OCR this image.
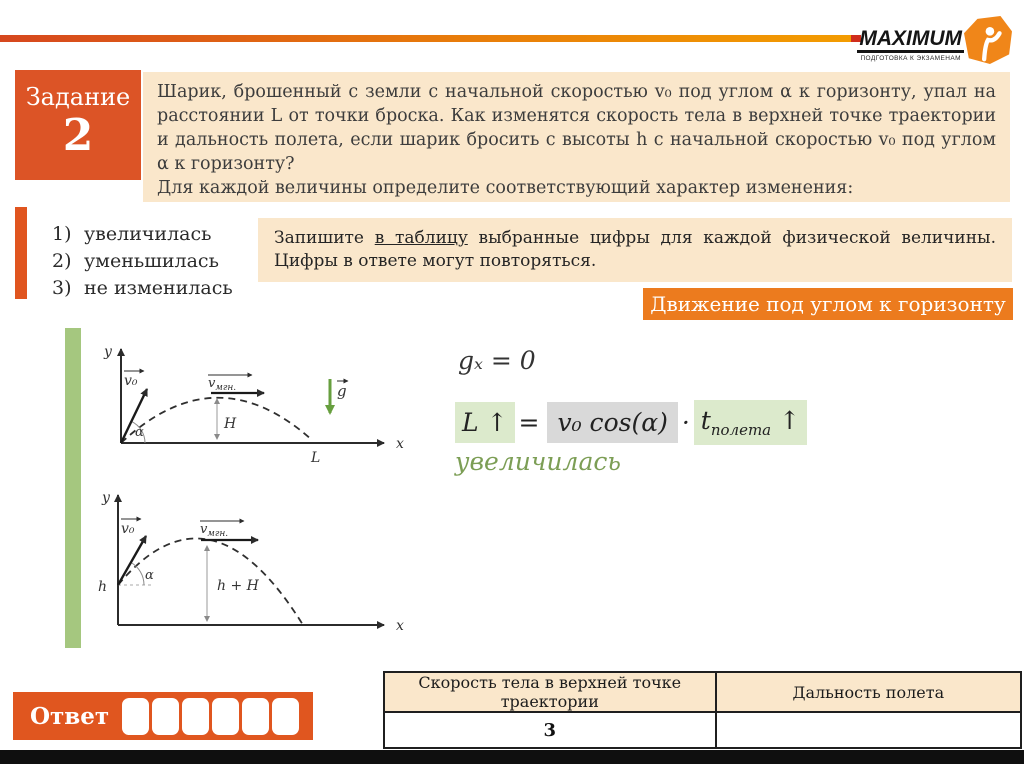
MAXIMUM
ПОДГОТОВКА К ЭКЗАМЕНАМ
Задание
2
Шарик, брошенный с земли с начальной скоростью v₀ под углом α к горизонту, упал на расстоянии L от точки броска. Как изменятся скорость тела в верхней точке траектории и дальность полета, если шарик бросить с высоты h с начальной скоростью v₀ под углом α к горизонту?
Для каждой величины определите соответствующий характер изменения:
1) увеличилась
2) уменьшилась
3) не изменилась
Запишите в таблицу выбранные цифры для каждой физической величины.
Цифры в ответе могут повторяться.
Движение под углом к горизонту
y
x
v₀	$v_{мгн.}$
α
H
L
g
y
x
v₀	$v_{мгн.}$
α
h	h + H
gₓ = 0
L ↑ = v₀ $\cos(\alpha) \cdot t_{полета}$ ↑
увеличилась
Скорость тела в верхней точке траектории	Дальность полета
3	
Ответ
